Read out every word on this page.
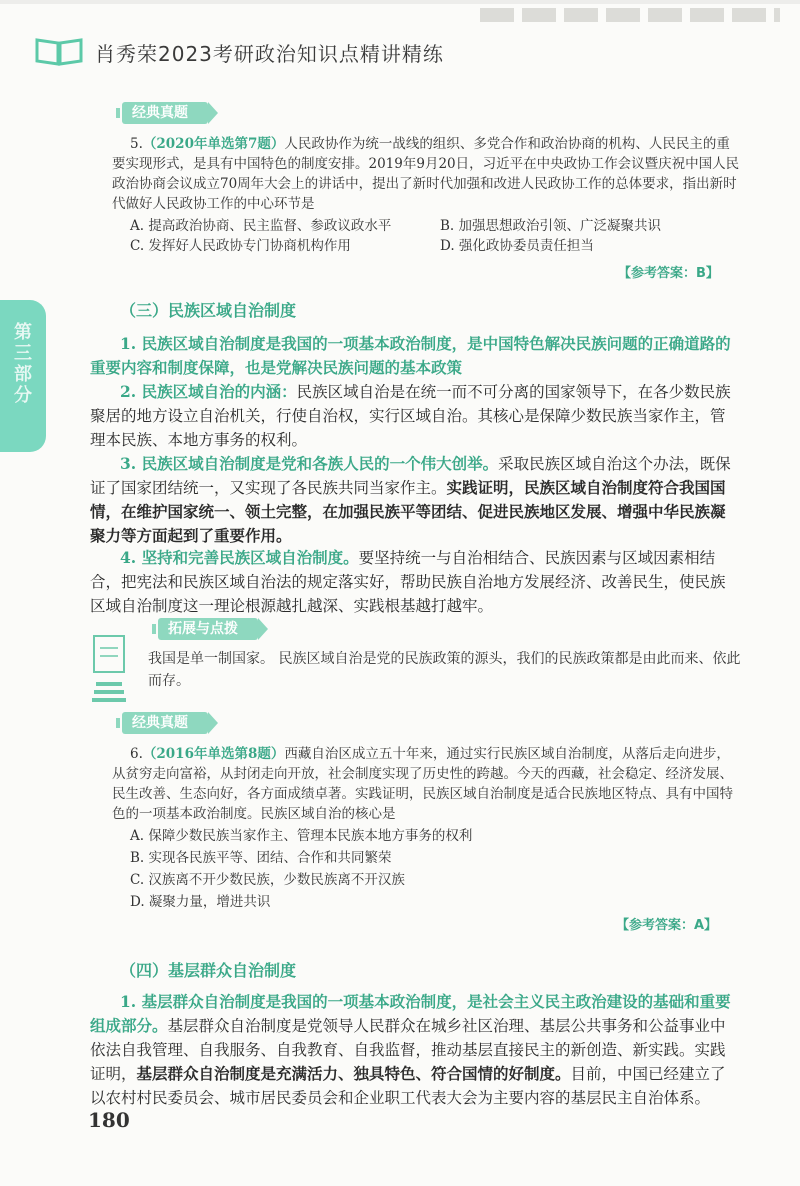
肖秀荣2023考研政治知识点精讲精练
第三部分
经典真题
5.（2020年单选第7题）人民政协作为统一战线的组织、多党合作和政治协商的机构、人民民主的重要实现形式，是具有中国特色的制度安排。2019年9月20日，习近平在中央政协工作会议暨庆祝中国人民政治协商会议成立70周年大会上的讲话中，提出了新时代加强和改进人民政协工作的总体要求，指出新时代做好人民政协工作的中心环节是
A. 提高政治协商、民主监督、参政议政水平	B. 加强思想政治引领、广泛凝聚共识
C. 发挥好人民政协专门协商机构作用	D. 强化政协委员责任担当
【参考答案：B】
（三）民族区域自治制度
1. 民族区域自治制度是我国的一项基本政治制度，是中国特色解决民族问题的正确道路的重要内容和制度保障，也是党解决民族问题的基本政策
2. 民族区域自治的内涵：民族区域自治是在统一而不可分离的国家领导下，在各少数民族聚居的地方设立自治机关，行使自治权，实行区域自治。其核心是保障少数民族当家作主，管理本民族、本地方事务的权利。
3. 民族区域自治制度是党和各族人民的一个伟大创举。采取民族区域自治这个办法，既保证了国家团结统一，又实现了各民族共同当家作主。实践证明，民族区域自治制度符合我国国情，在维护国家统一、领土完整，在加强民族平等团结、促进民族地区发展、增强中华民族凝聚力等方面起到了重要作用。
4. 坚持和完善民族区域自治制度。要坚持统一与自治相结合、民族因素与区域因素相结合，把宪法和民族区域自治法的规定落实好，帮助民族自治地方发展经济、改善民生，使民族区域自治制度这一理论根源越扎越深、实践根基越打越牢。
拓展与点拨
我国是单一制国家。 民族区域自治是党的民族政策的源头，我们的民族政策都是由此而来、依此而存。
经典真题
6.（2016年单选第8题）西藏自治区成立五十年来，通过实行民族区域自治制度，从落后走向进步，从贫穷走向富裕，从封闭走向开放，社会制度实现了历史性的跨越。今天的西藏，社会稳定、经济发展、民生改善、生态向好，各方面成绩卓著。实践证明，民族区域自治制度是适合民族地区特点、具有中国特色的一项基本政治制度。民族区域自治的核心是
A. 保障少数民族当家作主、管理本民族本地方事务的权利
B. 实现各民族平等、团结、合作和共同繁荣
C. 汉族离不开少数民族，少数民族离不开汉族
D. 凝聚力量，增进共识
【参考答案：A】
（四）基层群众自治制度
1. 基层群众自治制度是我国的一项基本政治制度，是社会主义民主政治建设的基础和重要组成部分。基层群众自治制度是党领导人民群众在城乡社区治理、基层公共事务和公益事业中依法自我管理、自我服务、自我教育、自我监督，推动基层直接民主的新创造、新实践。实践证明，基层群众自治制度是充满活力、独具特色、符合国情的好制度。目前，中国已经建立了以农村村民委员会、城市居民委员会和企业职工代表大会为主要内容的基层民主自治体系。
180
